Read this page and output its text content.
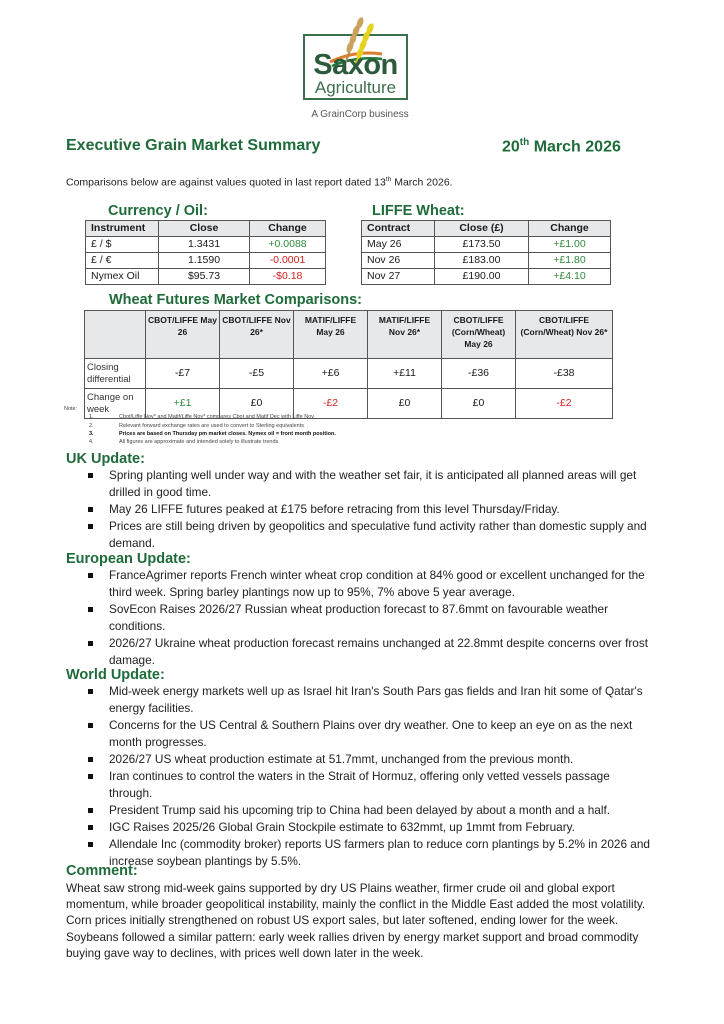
Saxon
Agriculture
A GrainCorp business
Executive Grain Market Summary	20th March 2026
Comparisons below are against values quoted in last report dated 13th March 2026.
Currency / Oil:
Instrument	Close	Change
£ / $	1.3431	+0.0088
£ / €	1.1590	-0.0001
Nymex Oil	$95.73	-$0.18
LIFFE Wheat:
Contract	Close (£)	Change
May 26	£173.50	+£1.00
Nov 26	£183.00	+£1.80
Nov 27	£190.00	+£4.10
Wheat Futures Market Comparisons:
	CBOT/LIFFE May 26	CBOT/LIFFE Nov 26*	MATIF/LIFFE May 26	MATIF/LIFFE Nov 26*	CBOT/LIFFE (Corn/Wheat) May 26	CBOT/LIFFE (Corn/Wheat) Nov 26*
Closing differential	-£7	-£5	+£6	+£11	-£36	-£38
Change on week	+£1	£0	-£2	£0	£0	-£2
Note:
1.	Cbot/Liffe Nov* and Matif/Liffe Nov* compares Cbot and Matif Dec with Liffe Nov
2.	Relevant forward exchange rates are used to convert to Sterling equivalents
3.	Prices are based on Thursday pm market closes. Nymex oil = front month position.
4.	All figures are approximate and intended solely to illustrate trends
UK Update:
Spring planting well under way and with the weather set fair, it is anticipated all planned areas will get drilled in good time.
May 26 LIFFE futures peaked at £175 before retracing from this level Thursday/Friday.
Prices are still being driven by geopolitics and speculative fund activity rather than domestic supply and demand.
European Update:
FranceAgrimer reports French winter wheat crop condition at 84% good or excellent unchanged for the third week. Spring barley plantings now up to 95%, 7% above 5 year average.
SovEcon Raises 2026/27 Russian wheat production forecast to 87.6mmt on favourable weather conditions.
2026/27 Ukraine wheat production forecast remains unchanged at 22.8mmt despite concerns over frost damage.
World Update:
Mid-week energy markets well up as Israel hit Iran's South Pars gas fields and Iran hit some of Qatar's energy facilities.
Concerns for the US Central & Southern Plains over dry weather. One to keep an eye on as the next month progresses.
2026/27 US wheat production estimate at 51.7mmt, unchanged from the previous month.
Iran continues to control the waters in the Strait of Hormuz, offering only vetted vessels passage through.
President Trump said his upcoming trip to China had been delayed by about a month and a half.
IGC Raises 2025/26 Global Grain Stockpile estimate to 632mmt, up 1mmt from February.
Allendale Inc (commodity broker) reports US farmers plan to reduce corn plantings by 5.2% in 2026 and increase soybean plantings by 5.5%.
Comment:
Wheat saw strong mid-week gains supported by dry US Plains weather, firmer crude oil and global export momentum, while broader geopolitical instability, mainly the conflict in the Middle East added the most volatility. Corn prices initially strengthened on robust US export sales, but later softened, ending lower for the week. Soybeans followed a similar pattern: early week rallies driven by energy market support and broad commodity buying gave way to declines, with prices well down later in the week.
